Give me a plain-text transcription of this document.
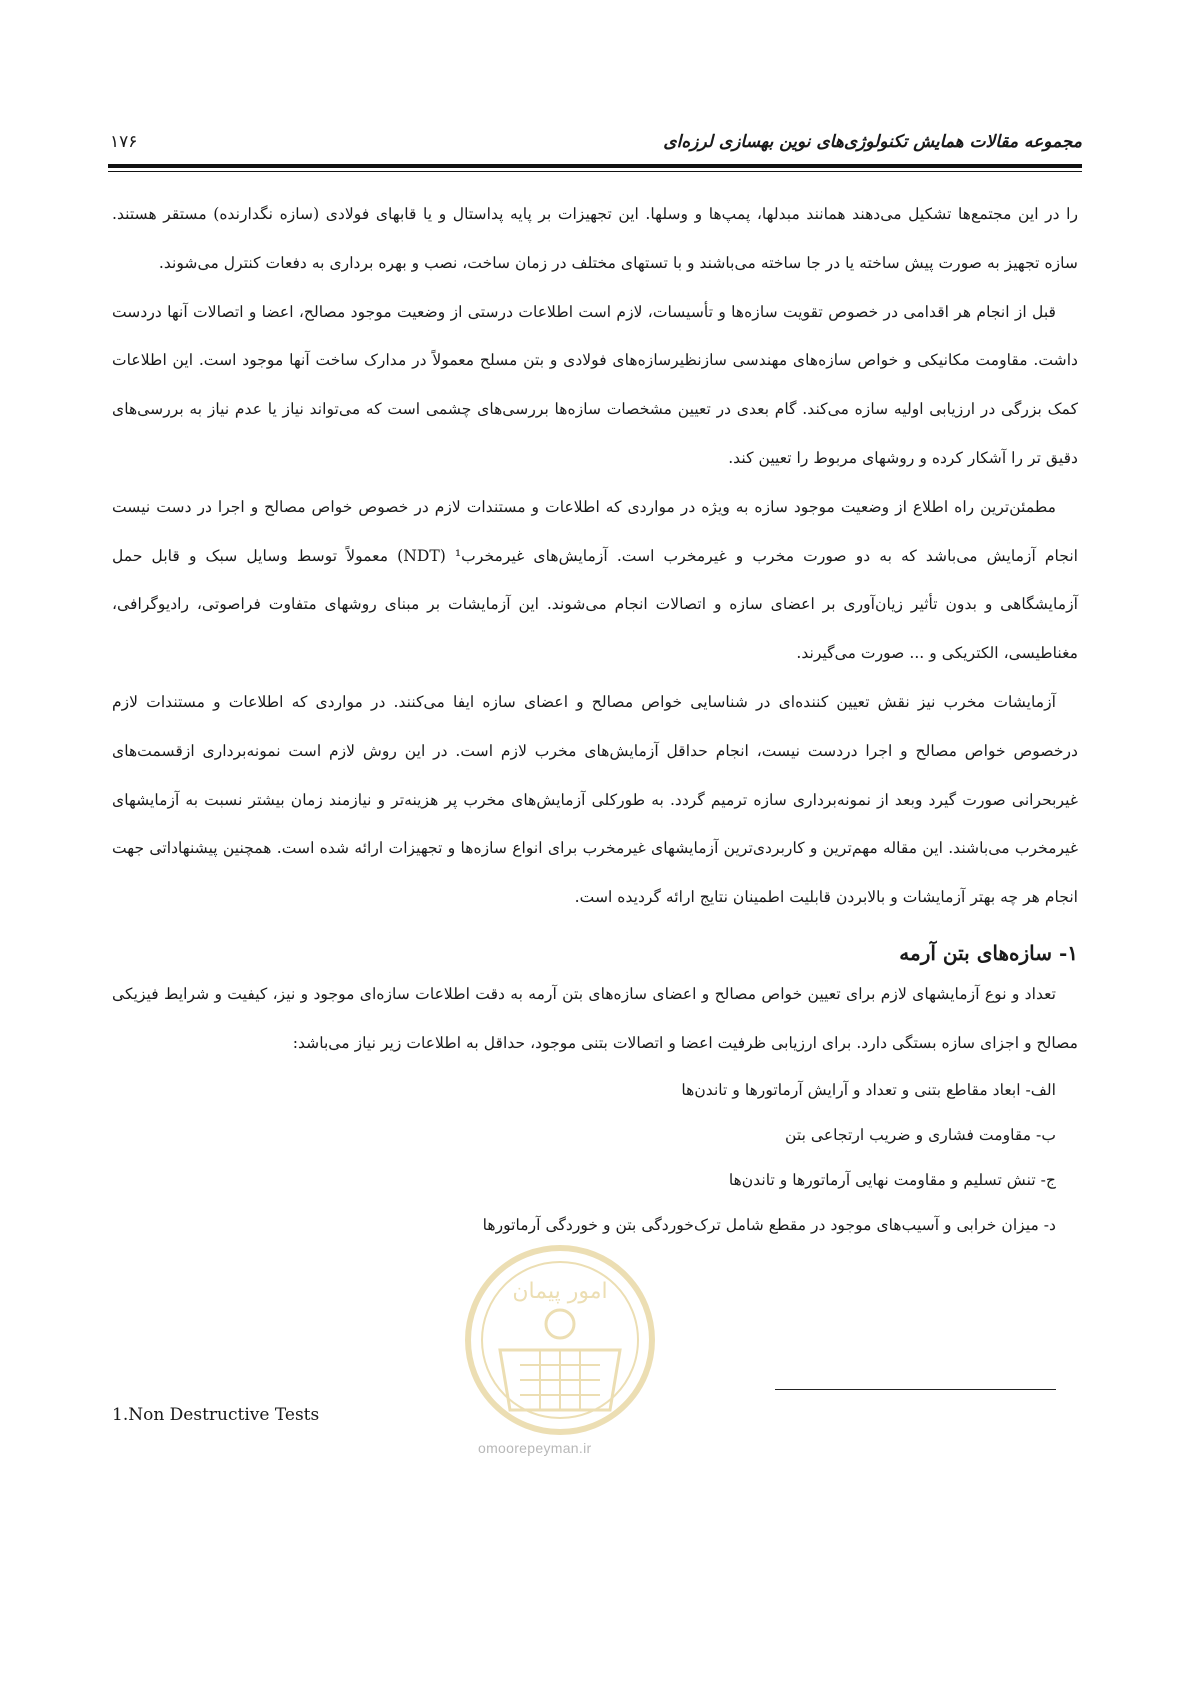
مجموعه مقالات همایش تکنولوژی‌های نوین بهسازی لرزه‌ای
۱۷۶

را در این مجتمع‌ها تشکیل می‌دهند همانند مبدلها، پمپ‌ها و وسلها. این تجهیزات بر پایه پداستال و یا قابهای فولادی (سازه نگدارنده) مستقر هستند. سازه تجهیز به صورت پیش ساخته یا در جا ساخته می‌باشند و با تستهای مختلف در زمان ساخت، نصب و بهره برداری به دفعات کنترل می‌شوند.

قبل از انجام هر اقدامی در خصوص تقویت سازه‌ها و تأسیسات، لازم است اطلاعات درستی از وضعیت موجود مصالح، اعضا و اتصالات آنها دردست داشت. مقاومت مکانیکی و خواص سازه‌های مهندسی سازنظیرسازه‌های فولادی و بتن مسلح معمولاً در مدارک ساخت آنها موجود است. این اطلاعات کمک بزرگی در ارزیابی اولیه سازه می‌کند. گام بعدی در تعیین مشخصات سازه‌ها بررسی‌های چشمی است که می‌تواند نیاز یا عدم نیاز به بررسی‌های دقیق تر را آشکار کرده و روشهای مربوط را تعیین کند.

مطمئن‌ترین راه اطلاع از وضعیت موجود سازه به ویژه در مواردی که اطلاعات و مستندات لازم در خصوص خواص مصالح و اجرا در دست نیست انجام آزمایش می‌باشد که به دو صورت مخرب و غیرمخرب است. آزمایش‌های غیرمخرب¹ (NDT) معمولاً توسط وسایل سبک و قابل حمل آزمایشگاهی و بدون تأثیر زیان‌آوری بر اعضای سازه و اتصالات انجام می‌شوند. این آزمایشات بر مبنای روشهای متفاوت فراصوتی، رادیوگرافی، مغناطیسی، الکتریکی و ... صورت می‌گیرند.

آزمایشات مخرب نیز نقش تعیین کننده‌ای در شناسایی خواص مصالح و اعضای سازه ایفا می‌کنند. در مواردی که اطلاعات و مستندات لازم درخصوص خواص مصالح و اجرا دردست نیست، انجام حداقل آزمایش‌های مخرب لازم است. در این روش لازم است نمونه‌برداری ازقسمت‌های غیربحرانی صورت گیرد وبعد از نمونه‌برداری سازه ترمیم گردد. به طورکلی آزمایش‌های مخرب پر هزینه‌تر و نیازمند زمان بیشتر نسبت به آزمایشهای غیرمخرب می‌باشند. این مقاله مهم‌ترین و کاربردی‌ترین آزمایشهای غیرمخرب برای انواع سازه‌ها و تجهیزات ارائه شده است. همچنین پیشنهاداتی جهت انجام هر چه بهتر آزمایشات و بالابردن قابلیت اطمینان نتایج ارائه گردیده است.

۱- سازه‌های بتن آرمه

تعداد و نوع آزمایشهای لازم برای تعیین خواص مصالح و اعضای سازه‌های بتن آرمه به دقت اطلاعات سازه‌ای موجود و نیز، کیفیت و شرایط فیزیکی مصالح و اجزای سازه بستگی دارد. برای ارزیابی ظرفیت اعضا و اتصالات بتنی موجود، حداقل به اطلاعات زیر نیاز می‌باشد:

الف- ابعاد مقاطع بتنی و تعداد و آرایش آرماتورها و تاندن‌ها
ب- مقاومت فشاری و ضریب ارتجاعی بتن
ج- تنش تسلیم و مقاومت نهایی آرماتورها و تاندن‌ها
د- میزان خرابی و آسیب‌های موجود در مقطع شامل ترک‌خوردگی بتن و خوردگی آرماتورها
1.Non Destructive Tests
امور پیمان
omoorepeyman.ir
